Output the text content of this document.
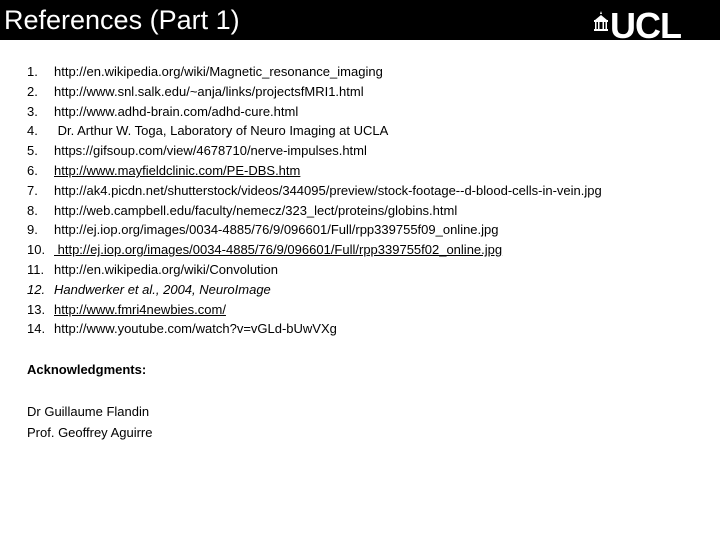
References (Part 1)	UCL
1. http://en.wikipedia.org/wiki/Magnetic_resonance_imaging
2. http://www.snl.salk.edu/~anja/links/projectsfMRI1.html
3. http://www.adhd-brain.com/adhd-cure.html
4. Dr. Arthur W. Toga, Laboratory of Neuro Imaging at UCLA
5. https://gifsoup.com/view/4678710/nerve-impulses.html
6. http://www.mayfieldclinic.com/PE-DBS.htm
7. http://ak4.picdn.net/shutterstock/videos/344095/preview/stock-footage--d-blood-cells-in-vein.jpg
8. http://web.campbell.edu/faculty/nemecz/323_lect/proteins/globins.html
9. http://ej.iop.org/images/0034-4885/76/9/096601/Full/rpp339755f09_online.jpg
10. http://ej.iop.org/images/0034-4885/76/9/096601/Full/rpp339755f02_online.jpg
11. http://en.wikipedia.org/wiki/Convolution
12. Handwerker et al., 2004, NeuroImage
13. http://www.fmri4newbies.com/
14. http://www.youtube.com/watch?v=vGLd-bUwVXg
Acknowledgments:
Dr Guillaume Flandin
Prof. Geoffrey Aguirre
